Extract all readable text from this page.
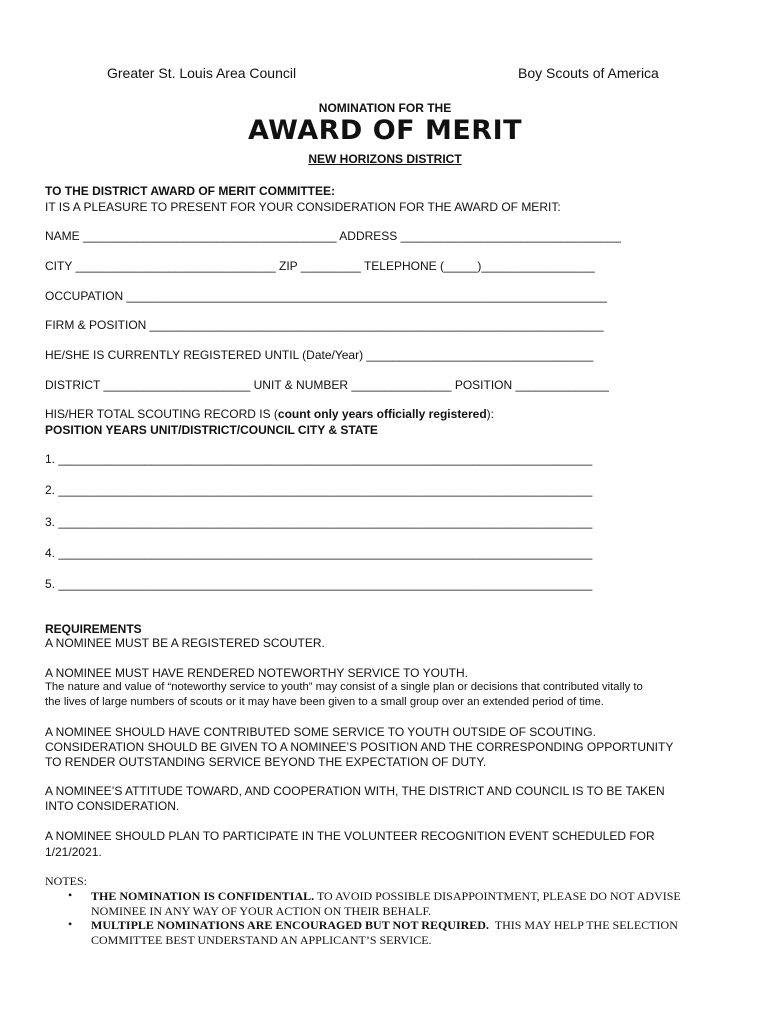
Greater St. Louis Area Council	Boy Scouts of America
NOMINATION FOR THE
AWARD OF MERIT
NEW HORIZONS DISTRICT
TO THE DISTRICT AWARD OF MERIT COMMITTEE:
IT IS A PLEASURE TO PRESENT FOR YOUR CONSIDERATION FOR THE AWARD OF MERIT:
NAME ______________________________________ ADDRESS _________________________________
CITY ______________________________ ZIP _________ TELEPHONE (_____)_________________
OCCUPATION ________________________________________________________________________
FIRM & POSITION ____________________________________________________________________
HE/SHE IS CURRENTLY REGISTERED UNTIL (Date/Year) __________________________________
DISTRICT ______________________ UNIT & NUMBER _______________ POSITION ______________
HIS/HER TOTAL SCOUTING RECORD IS (count only years officially registered):
POSITION YEARS UNIT/DISTRICT/COUNCIL CITY & STATE
1. ________________________________________________________________________________
2. ________________________________________________________________________________
3. ________________________________________________________________________________
4. ________________________________________________________________________________
5. ________________________________________________________________________________
REQUIREMENTS
A NOMINEE MUST BE A REGISTERED SCOUTER.
A NOMINEE MUST HAVE RENDERED NOTEWORTHY SERVICE TO YOUTH.
The nature and value of “noteworthy service to youth” may consist of a single plan or decisions that contributed vitally to
the lives of large numbers of scouts or it may have been given to a small group over an extended period of time.
A NOMINEE SHOULD HAVE CONTRIBUTED SOME SERVICE TO YOUTH OUTSIDE OF SCOUTING.
CONSIDERATION SHOULD BE GIVEN TO A NOMINEE’S POSITION AND THE CORRESPONDING OPPORTUNITY
TO RENDER OUTSTANDING SERVICE BEYOND THE EXPECTATION OF DUTY.
A NOMINEE’S ATTITUDE TOWARD, AND COOPERATION WITH, THE DISTRICT AND COUNCIL IS TO BE TAKEN
INTO CONSIDERATION.
A NOMINEE SHOULD PLAN TO PARTICIPATE IN THE VOLUNTEER RECOGNITION EVENT SCHEDULED FOR
1/21/2021.
NOTES:
• THE NOMINATION IS CONFIDENTIAL. TO AVOID POSSIBLE DISAPPOINTMENT, PLEASE DO NOT ADVISE
NOMINEE IN ANY WAY OF YOUR ACTION ON THEIR BEHALF.
• MULTIPLE NOMINATIONS ARE ENCOURAGED BUT NOT REQUIRED.  THIS MAY HELP THE SELECTION
COMMITTEE BEST UNDERSTAND AN APPLICANT’S SERVICE.
